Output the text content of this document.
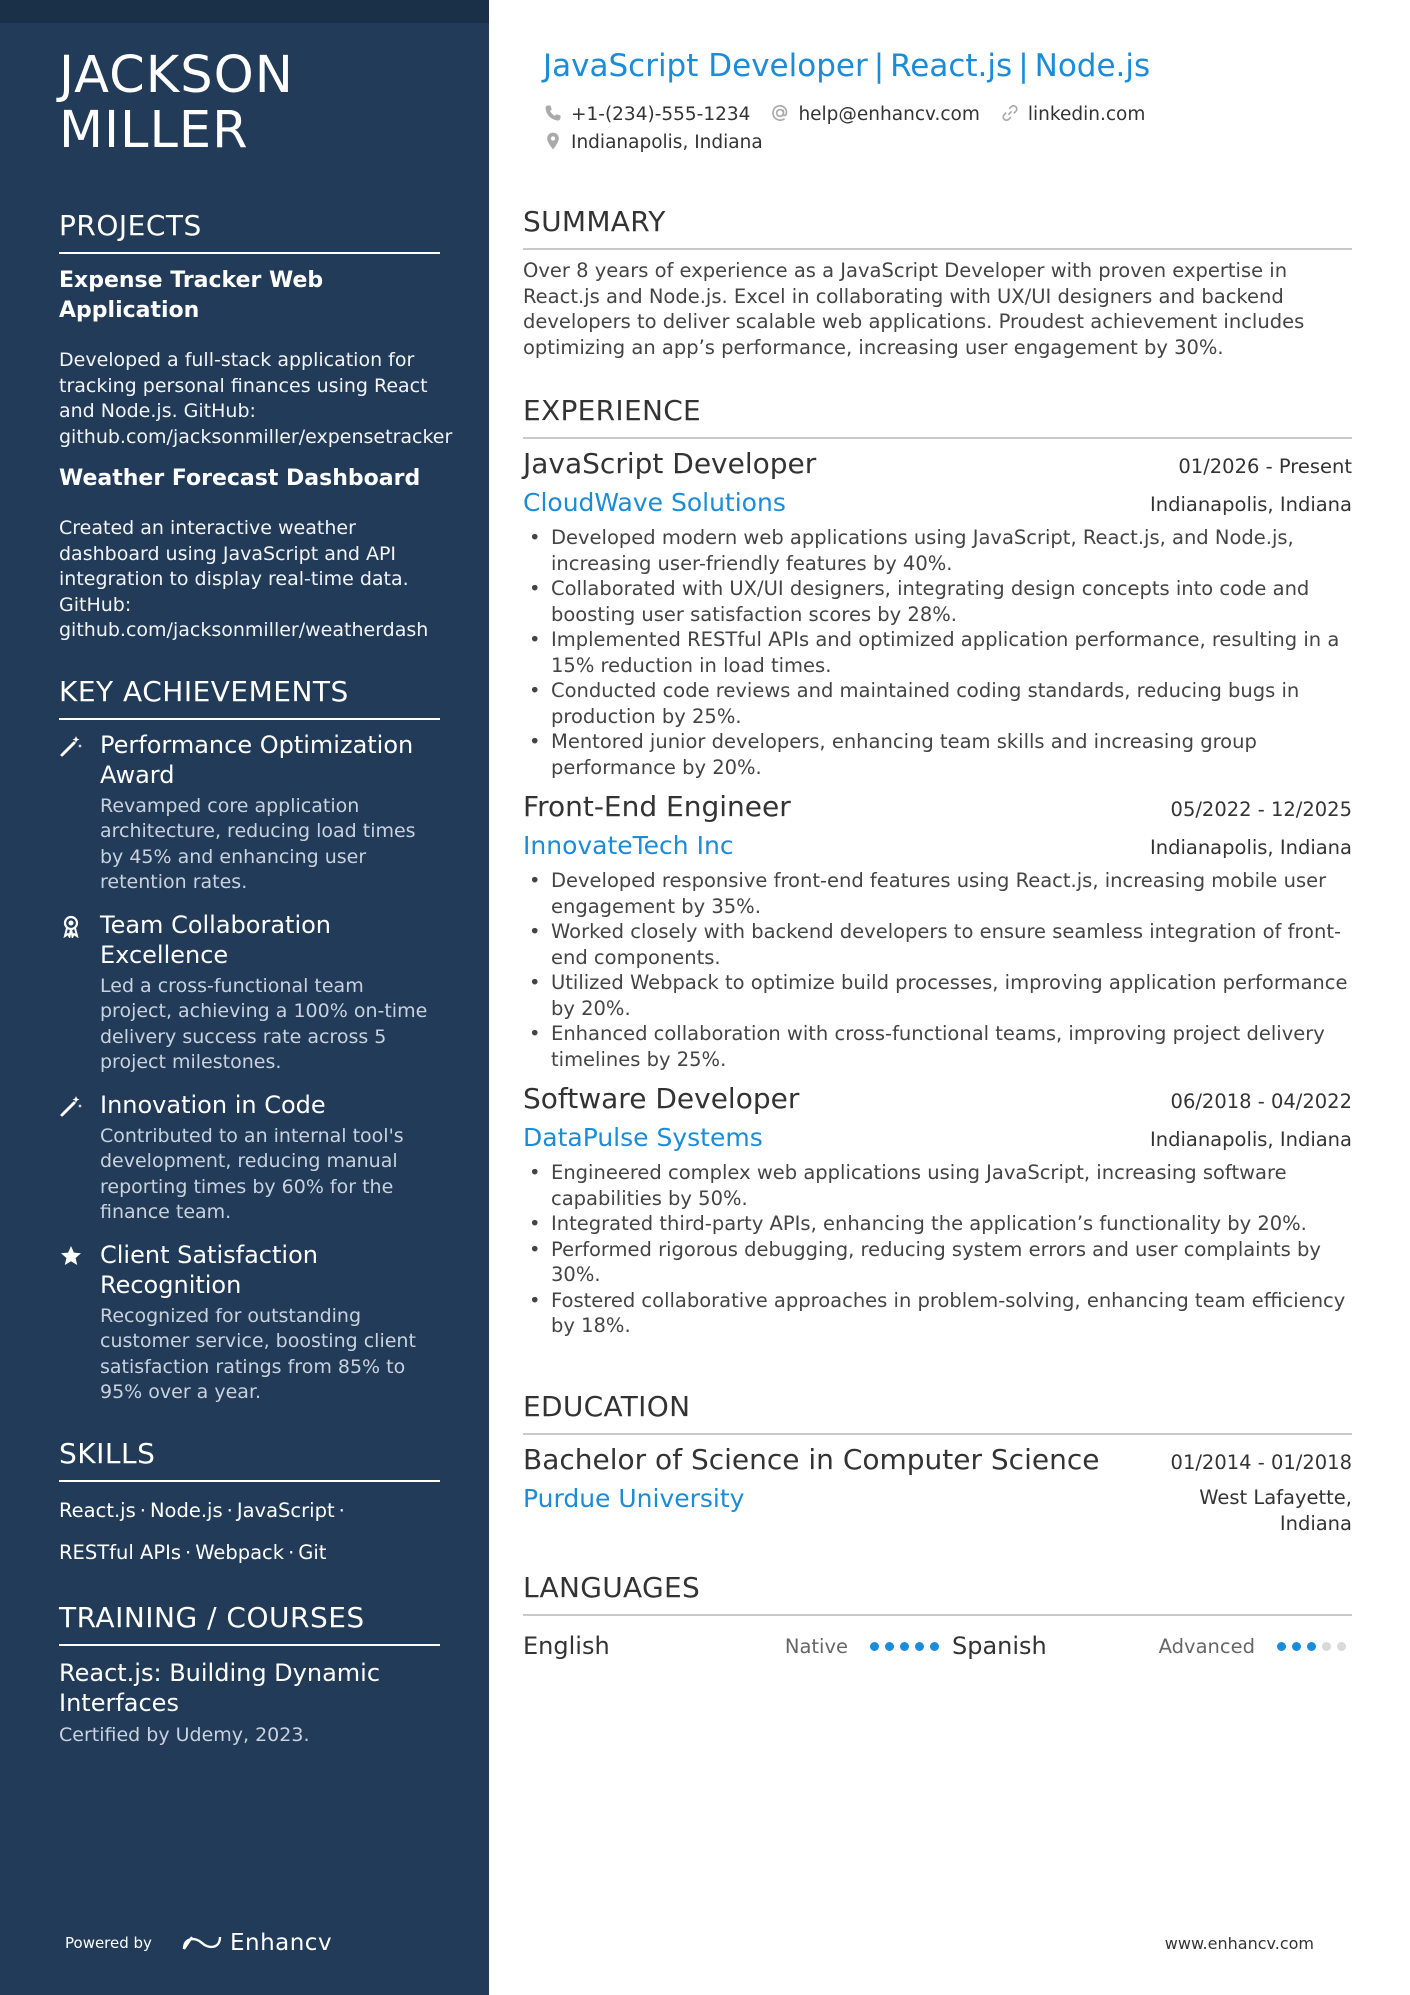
JACKSON MILLER
PROJECTS
Expense Tracker Web Application
Developed a full-stack application for tracking personal finances using React and Node.js. GitHub: github.com/jacksonmiller/expensetracker
Weather Forecast Dashboard
Created an interactive weather dashboard using JavaScript and API integration to display real-time data. GitHub: github.com/jacksonmiller/weatherdash
KEY ACHIEVEMENTS
Performance Optimization Award
Revamped core application architecture, reducing load times by 45% and enhancing user retention rates.
Team Collaboration Excellence
Led a cross-functional team project, achieving a 100% on-time delivery success rate across 5 project milestones.
Innovation in Code
Contributed to an internal tool's development, reducing manual reporting times by 60% for the finance team.
Client Satisfaction Recognition
Recognized for outstanding customer service, boosting client satisfaction ratings from 85% to 95% over a year.
SKILLS
React.js · Node.js · JavaScript ·
RESTful APIs · Webpack · Git
TRAINING / COURSES
React.js: Building Dynamic Interfaces
Certified by Udemy, 2023.
Powered by	Enhancv
JavaScript Developer | React.js | Node.js
+1-(234)-555-1234	help@enhancv.com	linkedin.com
Indianapolis, Indiana
SUMMARY
Over 8 years of experience as a JavaScript Developer with proven expertise in React.js and Node.js. Excel in collaborating with UX/UI designers and backend developers to deliver scalable web applications. Proudest achievement includes optimizing an app’s performance, increasing user engagement by 30%.
EXPERIENCE
JavaScript Developer	01/2026 - Present
CloudWave Solutions	Indianapolis, Indiana
• Developed modern web applications using JavaScript, React.js, and Node.js, increasing user-friendly features by 40%.
• Collaborated with UX/UI designers, integrating design concepts into code and boosting user satisfaction scores by 28%.
• Implemented RESTful APIs and optimized application performance, resulting in a 15% reduction in load times.
• Conducted code reviews and maintained coding standards, reducing bugs in production by 25%.
• Mentored junior developers, enhancing team skills and increasing group performance by 20%.
Front-End Engineer	05/2022 - 12/2025
InnovateTech Inc	Indianapolis, Indiana
• Developed responsive front-end features using React.js, increasing mobile user engagement by 35%.
• Worked closely with backend developers to ensure seamless integration of front-end components.
• Utilized Webpack to optimize build processes, improving application performance by 20%.
• Enhanced collaboration with cross-functional teams, improving project delivery timelines by 25%.
Software Developer	06/2018 - 04/2022
DataPulse Systems	Indianapolis, Indiana
• Engineered complex web applications using JavaScript, increasing software capabilities by 50%.
• Integrated third-party APIs, enhancing the application’s functionality by 20%.
• Performed rigorous debugging, reducing system errors and user complaints by 30%.
• Fostered collaborative approaches in problem-solving, enhancing team efficiency by 18%.
EDUCATION
Bachelor of Science in Computer Science	01/2014 - 01/2018
Purdue University	West Lafayette,
Indiana
LANGUAGES
English	Native	Spanish	Advanced
www.enhancv.com
